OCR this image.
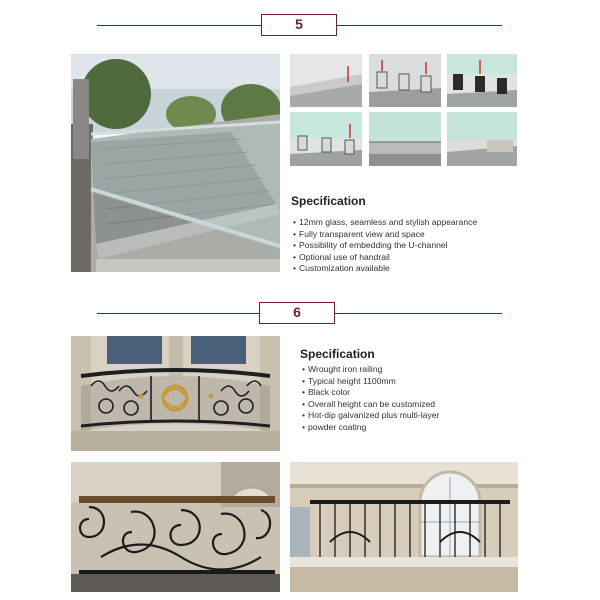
5
Specification
• 12mm glass, seamless and stylish appearance
• Fully transparent view and space
• Possibility of embedding the U-channel
• Optional use of handrail
• Customization available
6
Specification
• Wrought iron railing
• Typical height 1100mm
• Black color
• Overall height can be customized
• Hot-dip galvanized plus multi-layer
• powder coating
